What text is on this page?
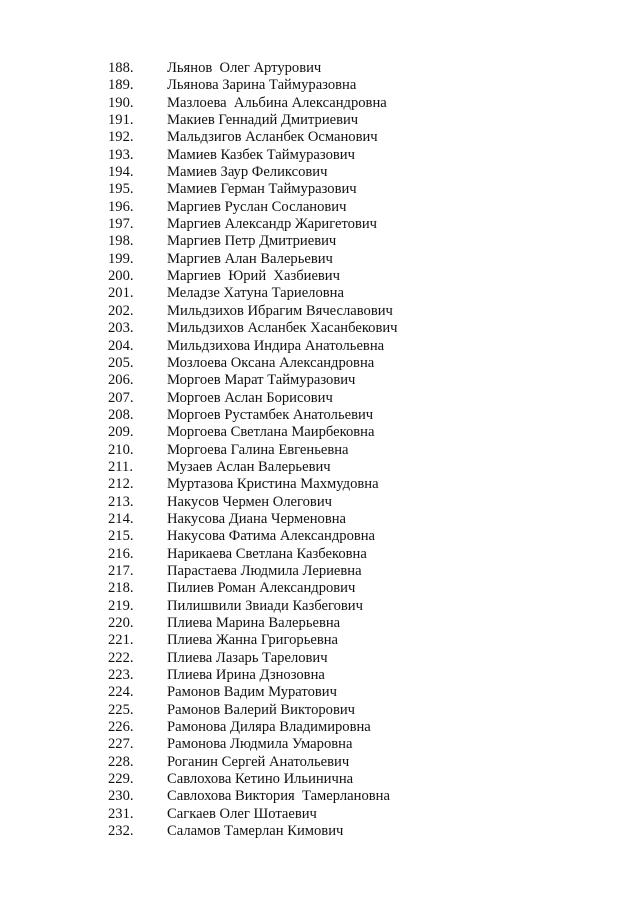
188. Льянов  Олег Артурович
189. Льянова Зарина Таймуразовна
190. Мазлоева  Альбина Александровна
191. Макиев Геннадий Дмитриевич
192. Мальдзигов Асланбек Османович
193. Мамиев Казбек Таймуразович
194. Мамиев Заур Феликсович
195. Мамиев Герман Таймуразович
196. Маргиев Руслан Сосланович
197. Маргиев Александр Жаригетович
198. Маргиев Петр Дмитриевич
199. Маргиев Алан Валерьевич
200. Маргиев  Юрий  Хазбиевич
201. Меладзе Хатуна Тариеловна
202. Мильдзихов Ибрагим Вячеславович
203. Мильдзихов Асланбек Хасанбекович
204. Мильдзихова Индира Анатольевна
205. Мозлоева Оксана Александровна
206. Моргоев Марат Таймуразович
207. Моргоев Аслан Борисович
208. Моргоев Рустамбек Анатольевич
209. Моргоева Светлана Маирбековна
210. Моргоева Галина Евгеньевна
211. Музаев Аслан Валерьевич
212. Муртазова Кристина Махмудовна
213. Накусов Чермен Олегович
214. Накусова Диана Черменовна
215. Накусова Фатима Александровна
216. Нарикаева Светлана Казбековна
217. Парастаева Людмила Лериевна
218. Пилиев Роман Александрович
219. Пилишвили Звиади Казбегович
220. Плиева Марина Валерьевна
221. Плиева Жанна Григорьевна
222. Плиева Лазарь Тарелович
223. Плиева Ирина Дзнозовна
224. Рамонов Вадим Муратович
225. Рамонов Валерий Викторович
226. Рамонова Диляра Владимировна
227. Рамонова Людмила Умаровна
228. Роганин Сергей Анатольевич
229. Савлохова Кетино Ильинична
230. Савлохова Виктория  Тамерлановна
231. Сагкаев Олег Шотаевич
232. Саламов Тамерлан Кимович
